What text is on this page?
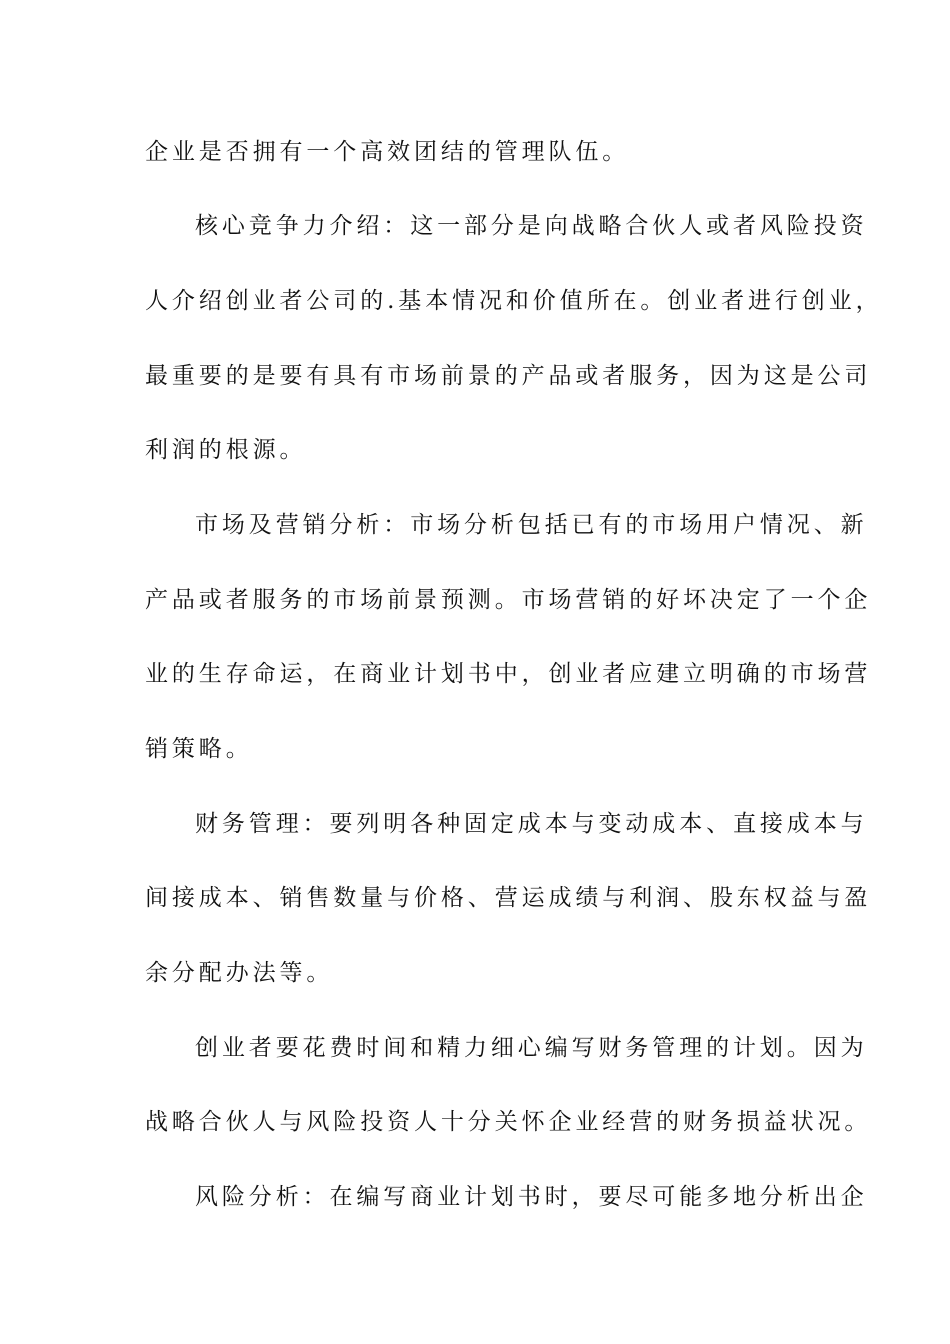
企业是否拥有一个高效团结的管理队伍。
核心竞争力介绍：这一部分是向战略合伙人或者风险投资
人介绍创业者公司的.基本情况和价值所在。创业者进行创业，
最重要的是要有具有市场前景的产品或者服务，因为这是公司
利润的根源。
市场及营销分析：市场分析包括已有的市场用户情况、新
产品或者服务的市场前景预测。市场营销的好坏决定了一个企
业的生存命运，在商业计划书中，创业者应建立明确的市场营
销策略。
财务管理：要列明各种固定成本与变动成本、直接成本与
间接成本、销售数量与价格、营运成绩与利润、股东权益与盈
余分配办法等。
创业者要花费时间和精力细心编写财务管理的计划。因为
战略合伙人与风险投资人十分关怀企业经营的财务损益状况。
风险分析：在编写商业计划书时，要尽可能多地分析出企
